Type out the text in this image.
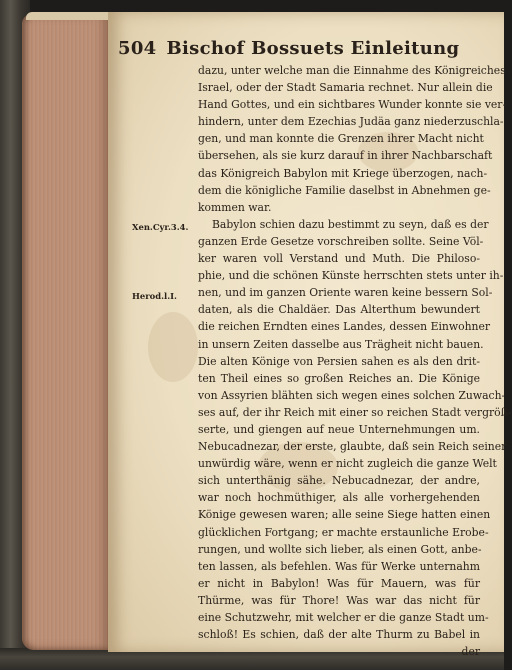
504 Bischof Bossuets Einleitung
Xen.Cyr.3.4.
Herod.l.I.
dazu, unter welche man die Einnahme des Königreiches
Israel, oder der Stadt Samaria rechnet. Nur allein die
Hand Gottes, und ein sichtbares Wunder konnte sie ver-
hindern, unter dem Ezechias Judäa ganz niederzuschla-
gen, und man konnte die Grenzen ihrer Macht nicht
übersehen, als sie kurz darauf in ihrer Nachbarschaft
das Königreich Babylon mit Kriege überzogen, nach-
dem die königliche Familie daselbst in Abnehmen ge-
kommen war.
Babylon schien dazu bestimmt zu seyn, daß es der
ganzen Erde Gesetze vorschreiben sollte. Seine Völ-
ker waren voll Verstand und Muth. Die Philoso-
phie, und die schönen Künste herrschten stets unter ih-
nen, und im ganzen Oriente waren keine bessern Sol-
daten, als die Chaldäer. Das Alterthum bewundert
die reichen Erndten eines Landes, dessen Einwohner
in unsern Zeiten dasselbe aus Trägheit nicht bauen.
Die alten Könige von Persien sahen es als den drit-
ten Theil eines so großen Reiches an. Die Könige
von Assyrien blähten sich wegen eines solchen Zuwach-
ses auf, der ihr Reich mit einer so reichen Stadt vergröß-
serte, und giengen auf neue Unternehmungen um.
Nebucadnezar, der erste, glaubte, daß sein Reich seiner
unwürdig wäre, wenn er nicht zugleich die ganze Welt
sich unterthänig sähe. Nebucadnezar, der andre,
war noch hochmüthiger, als alle vorhergehenden
Könige gewesen waren; alle seine Siege hatten einen
glücklichen Fortgang; er machte erstaunliche Erobe-
rungen, und wollte sich lieber, als einen Gott, anbe-
ten lassen, als befehlen. Was für Werke unternahm
er nicht in Babylon! Was für Mauern, was für
Thürme, was für Thore! Was war das nicht für
eine Schutzwehr, mit welcher er die ganze Stadt um-
schloß! Es schien, daß der alte Thurm zu Babel in
der
